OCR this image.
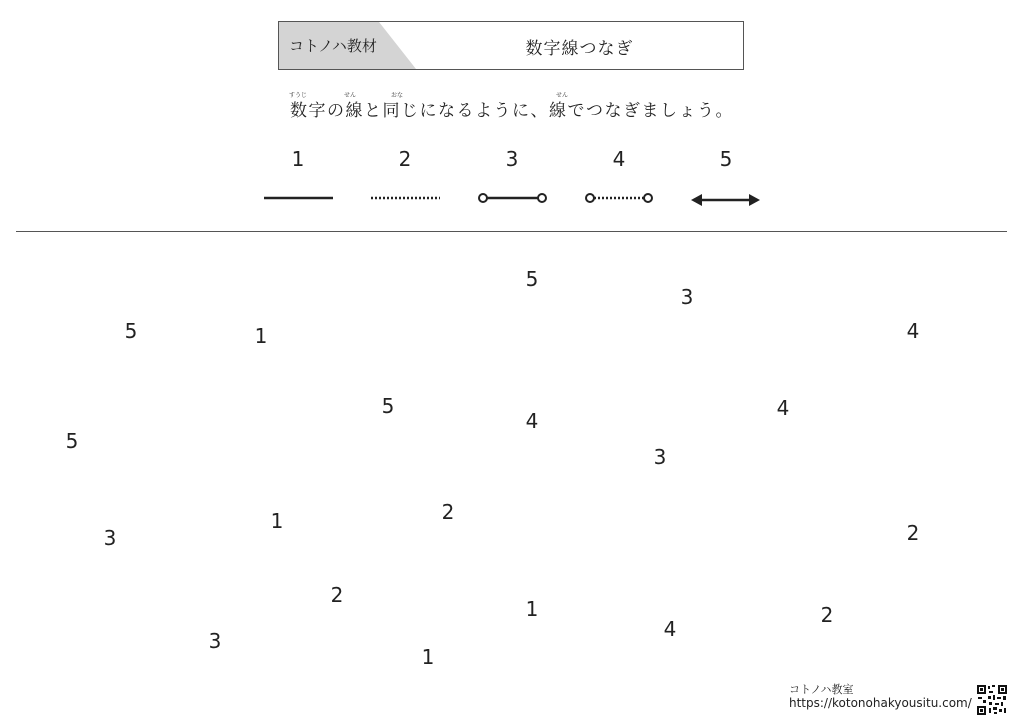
コトノハ教材	数字線つなぎ
すうじ	せん	おな	せん
数字の線と同じになるように、線でつなぎましょう。
1	2	3	4	5
5
3
5	1	4
5	4
4
5
3
1	2
3	2
2
1	2
4
3
1
コトノハ教室
https://kotonohakyousitu.com/
